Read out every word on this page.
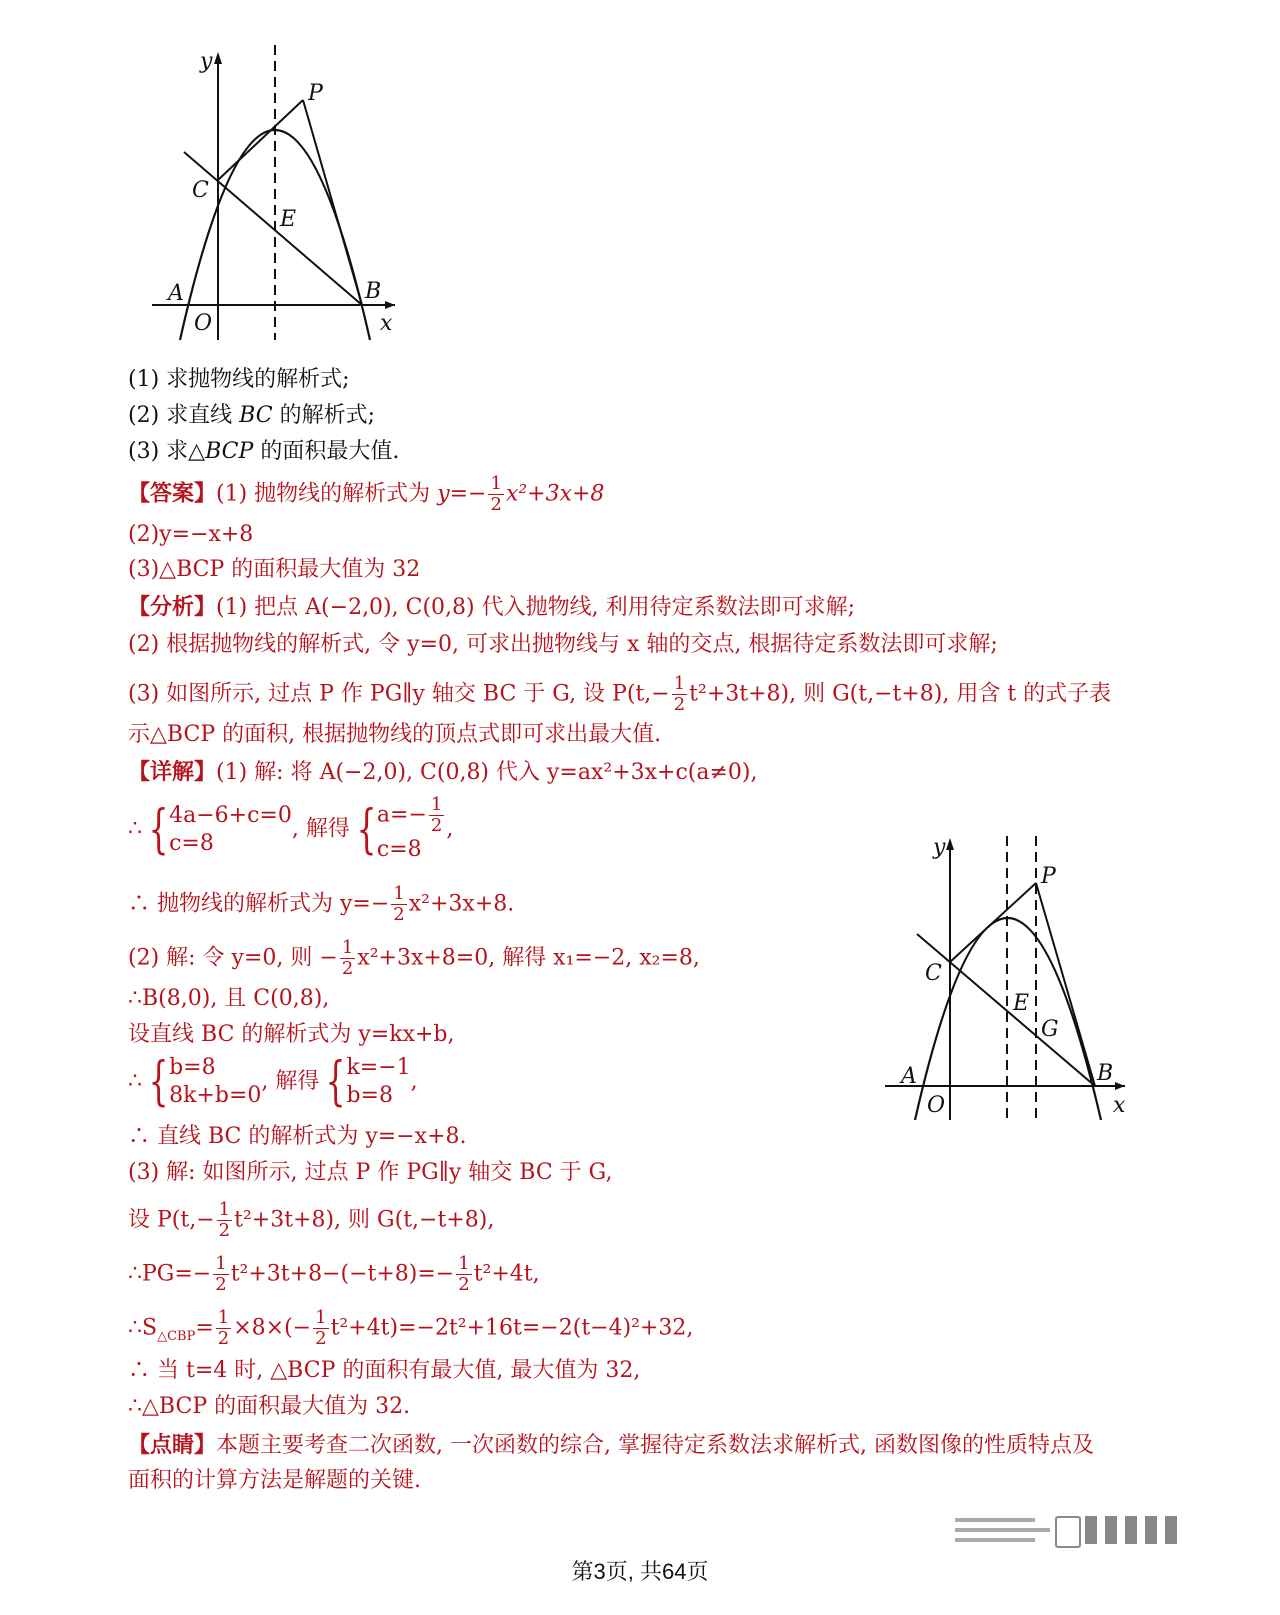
y
P
C
E
A	B
O	x
(1) 求抛物线的解析式;
(2) 求直线 BC 的解析式;
(3) 求△BCP 的面积最大值.
【答案】(1) 抛物线的解析式为 $y=- \frac{1}{2} x^2+3x+8$
(2)y=−x+8
(3)△BCP 的面积最大值为 32
【分析】(1) 把点 A(−2,0), C(0,8) 代入抛物线, 利用待定系数法即可求解;
(2) 根据抛物线的解析式, 令 y=0, 可求出抛物线与 x 轴的交点, 根据待定系数法即可求解;
(3) 如图所示, 过点 P 作 PG∥y 轴交 BC 于 G, 设 $P(t,- \frac{1}{2} t^2+3t+8)$, 则 G(t,−t+8), 用含 t 的式子表
示△BCP 的面积, 根据抛物线的顶点式即可求出最大值.
【详解】(1) 解: 将 A(−2,0), C(0,8) 代入 y=ax²+3x+c(a≠0),
∴ {4a−6+c=0
c=8, 解得 {$a=- \frac{1}{2}$

c=8,
∴ 抛物线的解析式为 $y=- \frac{1}{2} x^2+3x+8$.
(2) 解: 令 y=0, 则 − $\frac{1}{2} x^2+3x+8=0$, 解得 x₁=−2, x₂=8,
∴B(8,0), 且 C(0,8),
设直线 BC 的解析式为 y=kx+b,
∴ {b=8
8k+b=0, 解得 {k=−1
b=8,
∴ 直线 BC 的解析式为 y=−x+8.
(3) 解: 如图所示, 过点 P 作 PG∥y 轴交 BC 于 G,
设 $P(t,- \frac{1}{2} t^2+3t+8)$, 则 G(t,−t+8),
∴PG=− $\frac{1}{2} t^2+3t+8-(-t+8)=- \frac{1}{2} t^2+4t$,
$\therefore S_{\triangle CBP}= \frac{1}{2} \times 8\times(- \frac{1}{2} t^2+4t)=-2t^2+16t=-2(t-4)^2+32$,
∴ 当 t=4 时, △BCP 的面积有最大值, 最大值为 32,
∴△BCP 的面积最大值为 32.
【点睛】本题主要考查二次函数, 一次函数的综合, 掌握待定系数法求解析式, 函数图像的性质特点及
面积的计算方法是解题的关键.
y
P
C
E
G
A	B
O	x
第3页, 共64页
